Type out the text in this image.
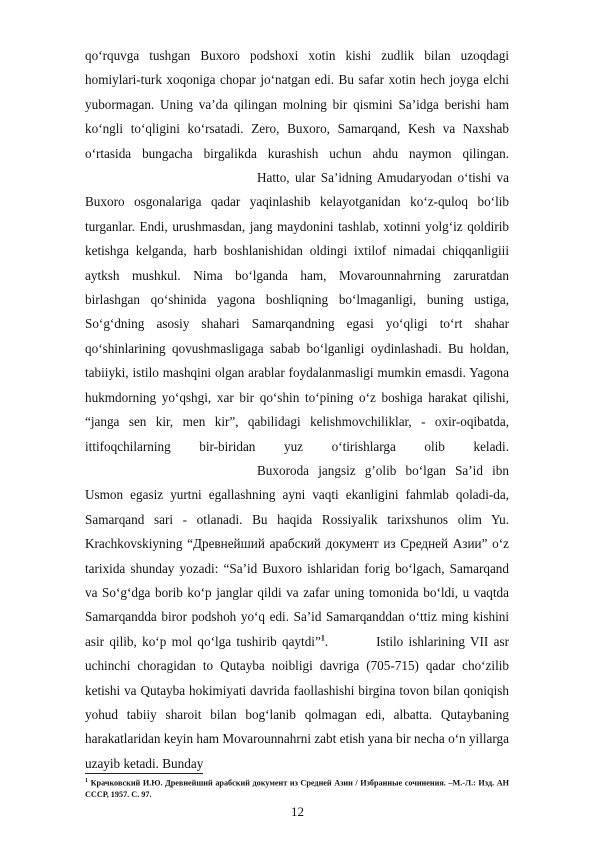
qo‘rquvga tushgan Buxoro podshoxi xotin kishi zudlik bilan uzoqdagi homiylari-turk xoqoniga chopar jo‘natgan edi. Bu safar xotin hech joyga elchi yubormagan. Uning va’da qilingan molning bir qismini Sa’idga berishi ham ko‘ngli to‘qligini ko‘rsatadi. Zero, Buxoro, Samarqand, Kesh va Naxshab o‘rtasida bungacha birgalikda kurashish uchun ahdu naymon qilingan.Hatto, ular Sa’idning Amudaryodan o‘tishi va Buxoro osgonalariga qadar yaqinlashib kelayotganidan ko‘z-quloq bo‘lib turganlar. Endi, urushmasdan, jang maydonini tashlab, xotinni yolg‘iz qoldirib ketishga kelganda, harb boshlanishidan oldingi ixtilof nimadai chiqqanligiii aytksh mushkul. Nima bo‘lganda ham, Movarounnahrning zaruratdan birlashgan qo‘shinida yagona boshliqning bo‘lmaganligi, buning ustiga, So‘g‘dning asosiy shahari Samarqandning egasi yo‘qligi to‘rt shahar qo‘shinlarining qovushmasligaga sabab bo‘lganligi oydinlashadi. Bu holdan, tabiiyki, istilo mashqini olgan arablar foydalanmasligi mumkin emasdi. Yagona hukmdorning yo‘qshgi, xar bir qo‘shin to‘pining o‘z boshiga harakat qilishi, “janga sen kir, men kir”, qabilidagi kelishmovchiliklar, - oxir-oqibatda, ittifoqchilarning bir-biridan yuz o‘tirishlarga olib keladi.Buxoroda jangsiz g’olib bo‘lgan Sa’id ibn Usmon egasiz yurtni egallashning ayni vaqti ekanligini fahmlab qoladi-da, Samarqand sari - otlanadi. Bu haqida Rossiyalik tarixshunos olim Yu. Krachkovskiyning “Древнейший арабский документ из Средней Азии” o‘z tarixida shunday yozadi: “Sa’id Buxoro ishlaridan forig bo‘lgach, Samarqand va So‘g‘dga borib ko‘p janglar qildi va zafar uning tomonida bo‘ldi, u vaqtda Samarqandda biror podshoh yo‘q edi. Sa’id Samarqanddan o‘ttiz ming kishini asir qilib, ko‘p mol qo‘lga tushirib qaytdi”$^1$.	Istilo ishlarining VII asr uchinchi choragidan to Qutayba noibligi davriga (705-715) qadar cho‘zilib ketishi va Qutayba hokimiyati davrida faollashishi birgina tovon bilan qoniqish yohud tabiiy sharoit bilan bog‘lanib qolmagan edi, albatta. Qutaybaning harakatlaridan keyin ham Movarounnahrni zabt etish yana bir necha o‘n yillarga uzayib ketadi. Bunday

$^1$ Крачковский И.Ю. Древнейший арабский документ из Средней Азии / Избранные сочинения. –М.-Л.: Изд. АН СССР, 1957. С. 97.

12
